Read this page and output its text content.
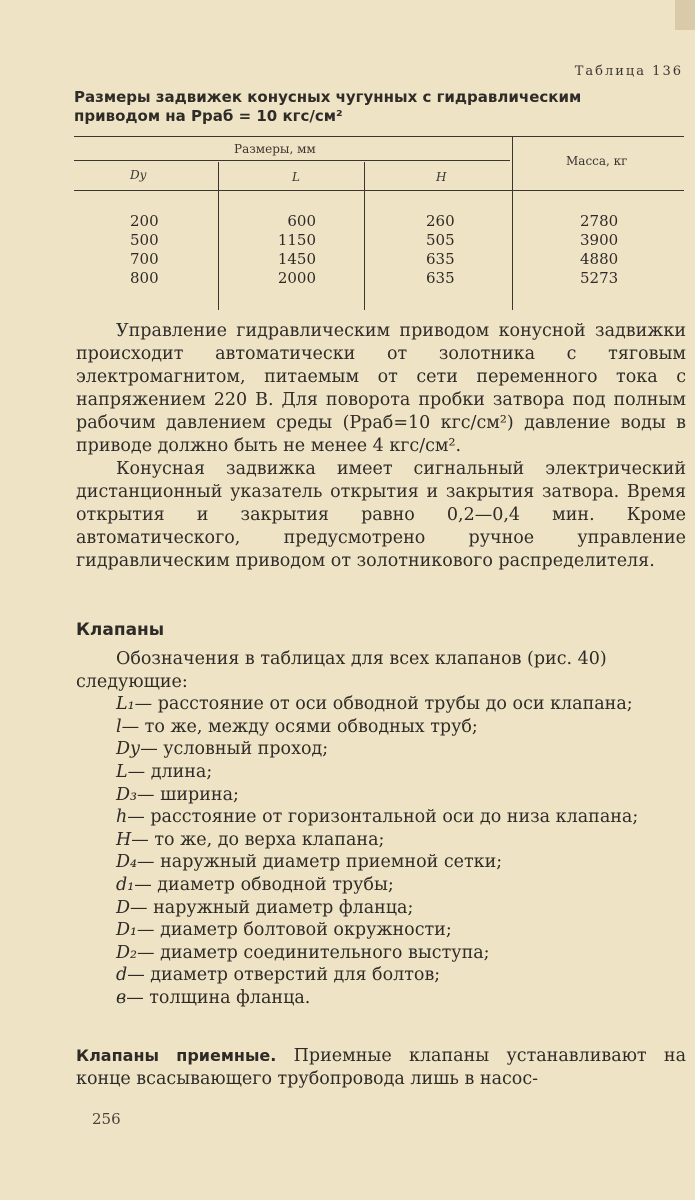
Таблица 136
Размеры задвижек конусных чугунных с гидравлическим
приводом на Pраб = 10 кгс/см²
Размеры, мм
Dу	L	H
Масса, кг
200
500
700
800
600
1150
1450
2000
260
505
635
635
2780
3900
4880
5273
Управление гидравлическим приводом конусной задвижки происходит автоматически от золотника с тяговым электромагнитом, питаемым от сети переменного тока с напряжением 220 В. Для поворота пробки затвора под полным рабочим давлением среды (Pраб=10 кгс/см²) давление воды в приводе должно быть не менее 4 кгс/см².
Конусная задвижка имеет сигнальный электрический дистанционный указатель открытия и закрытия затвора. Время открытия и закрытия равно 0,2—0,4 мин. Кроме автоматического, предусмотрено ручное управление гидравлическим приводом от золотникового распределителя.
Клапаны
Обозначения в таблицах для всех клапанов (рис. 40) следующие:
L₁— расстояние от оси обводной трубы до оси клапана;
l— то же, между осями обводных труб;
Dу— условный проход;
L— длина;
D₃— ширина;
h— расстояние от горизонтальной оси до низа клапана;
H— то же, до верха клапана;
D₄— наружный диаметр приемной сетки;
d₁— диаметр обводной трубы;
D— наружный диаметр фланца;
D₁— диаметр болтовой окружности;
D₂— диаметр соединительного выступа;
d— диаметр отверстий для болтов;
в— толщина фланца.
Клапаны приемные. Приемные клапаны устанавливают на конце всасывающего трубопровода лишь в насос-
256
